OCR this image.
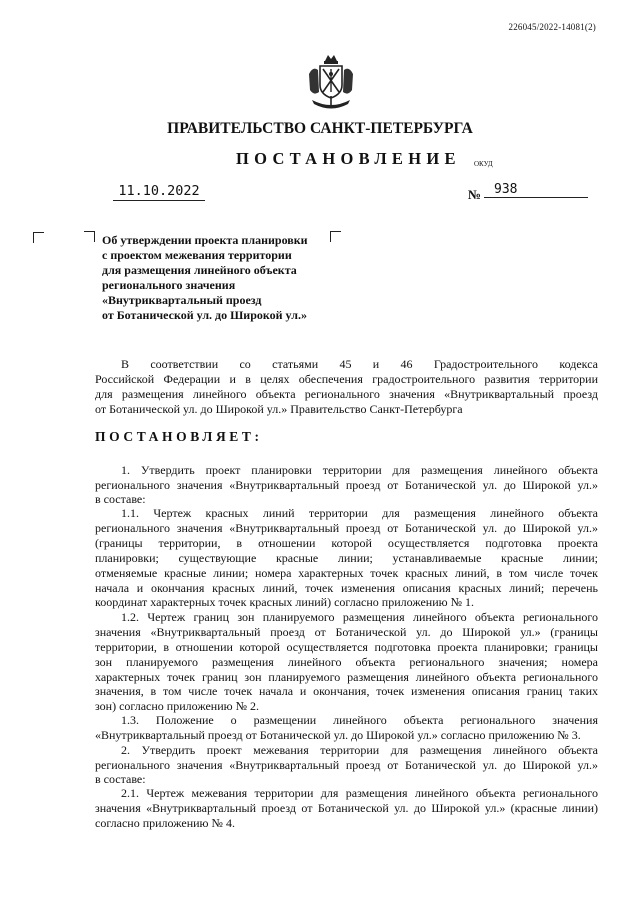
226045/2022-14081(2)
ПРАВИТЕЛЬСТВО САНКТ-ПЕТЕРБУРГА
ПОСТАНОВЛЕНИЕ ОКУД
11.10.2022	№ 938
Об утверждении проекта планировки
с проектом межевания территории
для размещения линейного объекта
регионального значения
«Внутриквартальный проезд
от Ботанической ул. до Широкой ул.»
В соответствии со статьями 45 и 46 Градостроительного кодекса
Российской Федерации и в целях обеспечения градостроительного развития территории
для размещения линейного объекта регионального значения «Внутриквартальный проезд
от Ботанической ул. до Широкой ул.» Правительство Санкт-Петербурга
ПОСТАНОВЛЯЕТ:
1. Утвердить проект планировки территории для размещения линейного объекта
регионального значения «Внутриквартальный проезд от Ботанической ул. до Широкой ул.»
в составе:
1.1. Чертеж красных линий территории для размещения линейного объекта
регионального значения «Внутриквартальный проезд от Ботанической ул. до Широкой ул.»
(границы территории, в отношении которой осуществляется подготовка проекта
планировки; существующие красные линии; устанавливаемые красные линии;
отменяемые красные линии; номера характерных точек красных линий, в том числе точек
начала и окончания красных линий, точек изменения описания красных линий; перечень
координат характерных точек красных линий) согласно приложению № 1.
1.2. Чертеж границ зон планируемого размещения линейного объекта регионального
значения «Внутриквартальный проезд от Ботанической ул. до Широкой ул.» (границы
территории, в отношении которой осуществляется подготовка проекта планировки; границы
зон планируемого размещения линейного объекта регионального значения; номера
характерных точек границ зон планируемого размещения линейного объекта регионального
значения, в том числе точек начала и окончания, точек изменения описания границ таких
зон) согласно приложению № 2.
1.3. Положение о размещении линейного объекта регионального значения
«Внутриквартальный проезд от Ботанической ул. до Широкой ул.» согласно приложению № 3.
2. Утвердить проект межевания территории для размещения линейного объекта
регионального значения «Внутриквартальный проезд от Ботанической ул. до Широкой ул.»
в составе:
2.1. Чертеж межевания территории для размещения линейного объекта регионального
значения «Внутриквартальный проезд от Ботанической ул. до Широкой ул.» (красные линии)
согласно приложению № 4.
